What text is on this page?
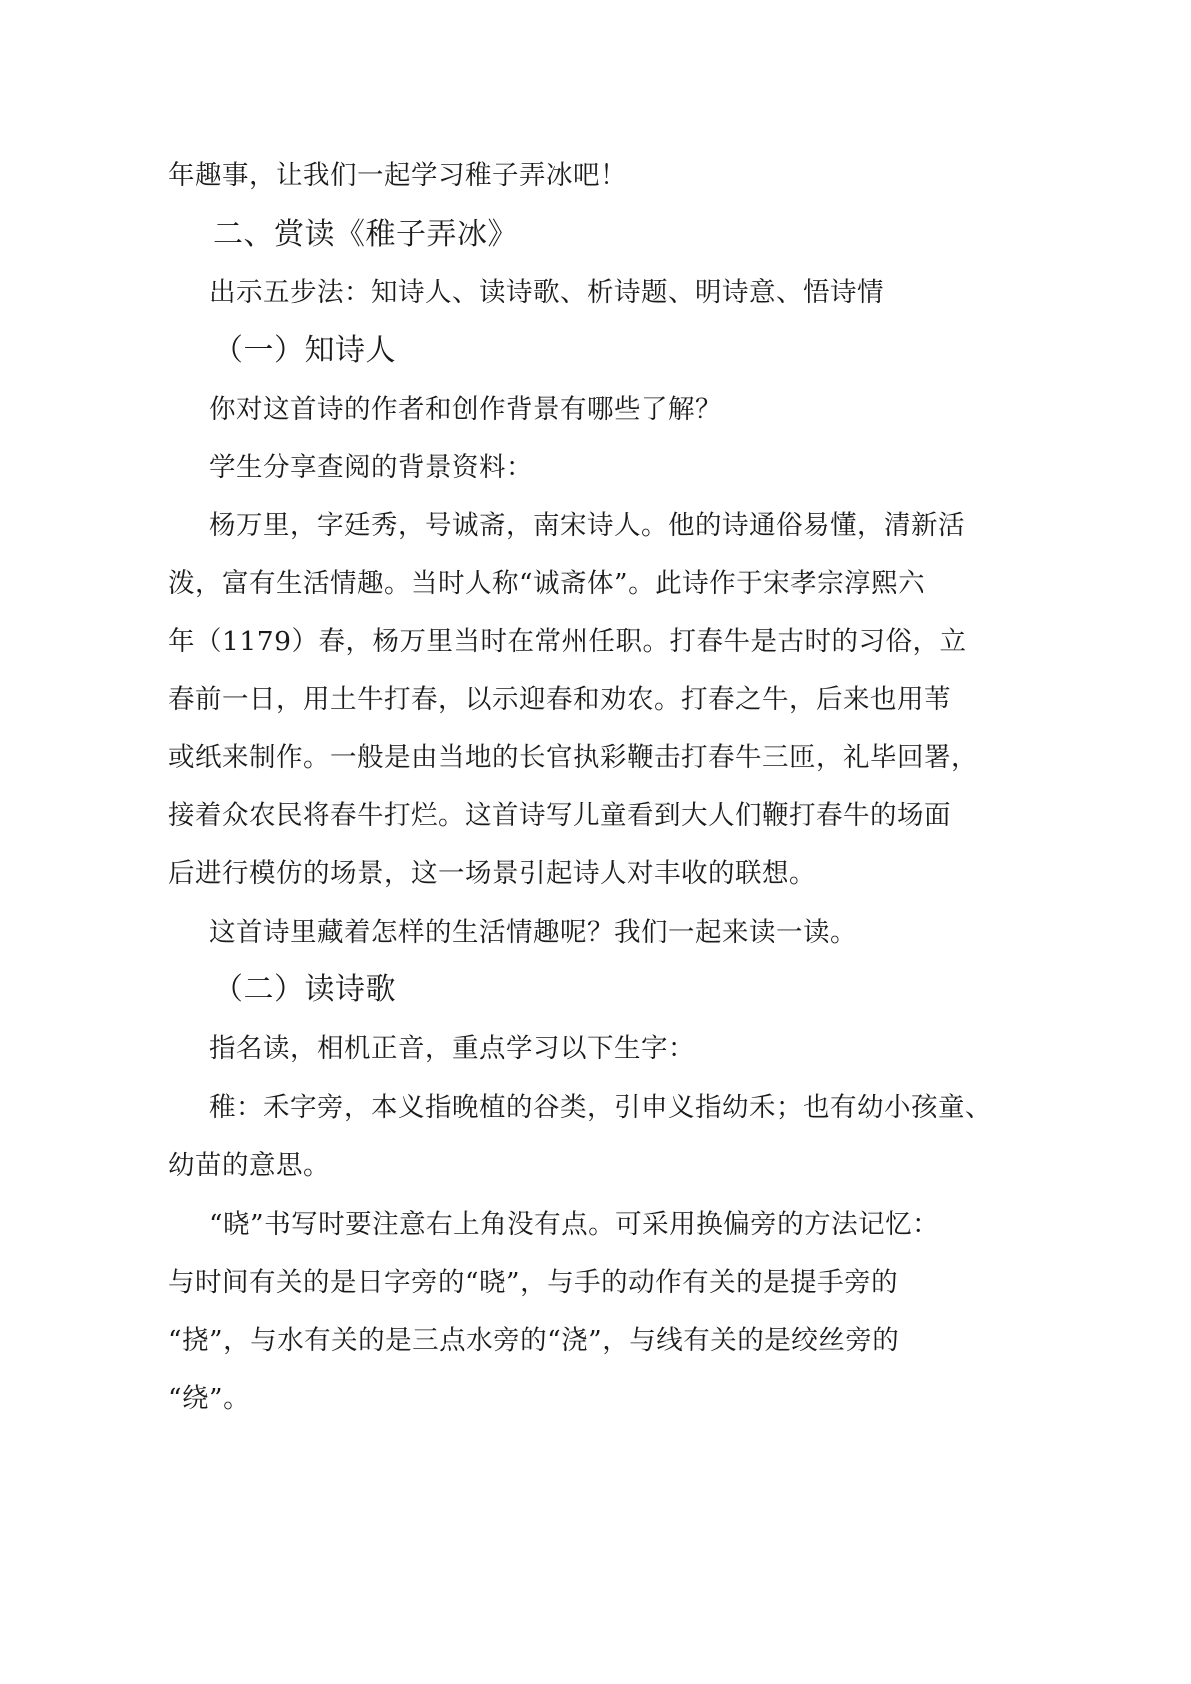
年趣事，让我们一起学习稚子弄冰吧！
二、赏读《稚子弄冰》
出示五步法：知诗人、读诗歌、析诗题、明诗意、悟诗情
（一）知诗人
你对这首诗的作者和创作背景有哪些了解？
学生分享查阅的背景资料：
杨万里，字廷秀，号诚斋，南宋诗人。他的诗通俗易懂，清新活
泼，富有生活情趣。当时人称“诚斋体”。此诗作于宋孝宗淳熙六
年（1179）春，杨万里当时在常州任职。打春牛是古时的习俗，立
春前一日，用土牛打春，以示迎春和劝农。打春之牛，后来也用苇
或纸来制作。一般是由当地的长官执彩鞭击打春牛三匝，礼毕回署，
接着众农民将春牛打烂。这首诗写儿童看到大人们鞭打春牛的场面
后进行模仿的场景，这一场景引起诗人对丰收的联想。
这首诗里藏着怎样的生活情趣呢？我们一起来读一读。
（二）读诗歌
指名读，相机正音，重点学习以下生字：
稚：禾字旁，本义指晚植的谷类，引申义指幼禾；也有幼小孩童、
幼苗的意思。
“晓”书写时要注意右上角没有点。可采用换偏旁的方法记忆：
与时间有关的是日字旁的“晓”，与手的动作有关的是提手旁的
“挠”，与水有关的是三点水旁的“浇”，与线有关的是绞丝旁的
“绕”。
